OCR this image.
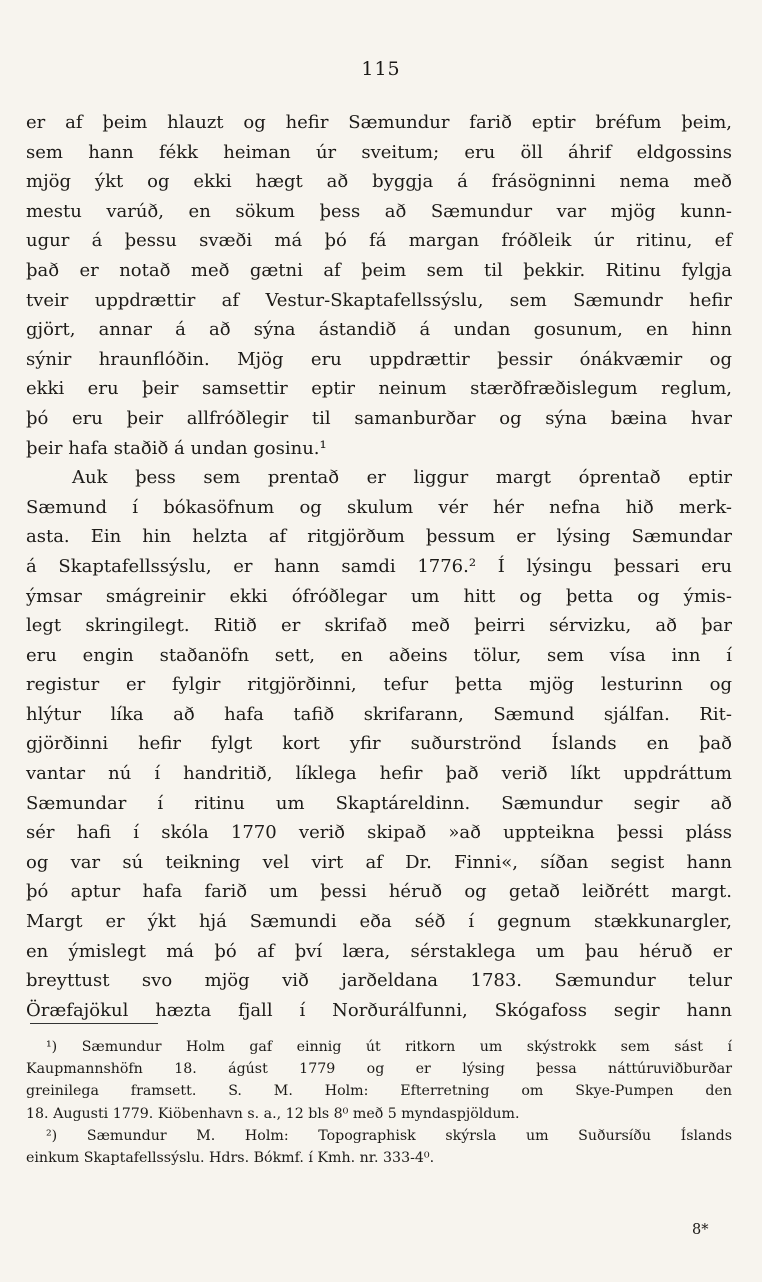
115
er af þeim hlauzt og hefir Sæmundur farið eptir bréfum þeim,
sem hann fékk heiman úr sveitum; eru öll áhrif eldgossins
mjög ýkt og ekki hægt að byggja á frásögninni nema með
mestu varúð, en sökum þess að Sæmundur var mjög kunn-
ugur á þessu svæði má þó fá margan fróðleik úr ritinu, ef
það er notað með gætni af þeim sem til þekkir. Ritinu fylgja
tveir uppdrættir af Vestur-Skaptafellssýslu, sem Sæmundr hefir
gjört, annar á að sýna ástandið á undan gosunum, en hinn
sýnir hraunflóðin. Mjög eru uppdrættir þessir ónákvæmir og
ekki eru þeir samsettir eptir neinum stærðfræðislegum reglum,
þó eru þeir allfróðlegir til samanburðar og sýna bæina hvar
þeir hafa staðið á undan gosinu.¹
Auk þess sem prentað er liggur margt óprentað eptir
Sæmund í bókasöfnum og skulum vér hér nefna hið merk-
asta. Ein hin helzta af ritgjörðum þessum er lýsing Sæmundar
á Skaptafellssýslu, er hann samdi 1776.² Í lýsingu þessari eru
ýmsar smágreinir ekki ófróðlegar um hitt og þetta og ýmis-
legt skringilegt. Ritið er skrifað með þeirri sérvizku, að þar
eru engin staðanöfn sett, en aðeins tölur, sem vísa inn í
registur er fylgir ritgjörðinni, tefur þetta mjög lesturinn og
hlýtur líka að hafa tafið skrifarann, Sæmund sjálfan. Rit-
gjörðinni hefir fylgt kort yfir suðurströnd Íslands en það
vantar nú í handritið, líklega hefir það verið líkt uppdráttum
Sæmundar í ritinu um Skaptáreldinn. Sæmundur segir að
sér hafi í skóla 1770 verið skipað »að uppteikna þessi pláss
og var sú teikning vel virt af Dr. Finni«, síðan segist hann
þó aptur hafa farið um þessi héruð og getað leiðrétt margt.
Margt er ýkt hjá Sæmundi eða séð í gegnum stækkunargler,
en ýmislegt má þó af því læra, sérstaklega um þau héruð er
breyttust svo mjög við jarðeldana 1783. Sæmundur telur
Öræfajökul hæzta fjall í Norðurálfunni, Skógafoss segir hann
¹) Sæmundur Holm gaf einnig út ritkorn um skýstrokk sem sást í
Kaupmannshöfn 18. ágúst 1779 og er lýsing þessa náttúruviðburðar
greinilega framsett. S. M. Holm: Efterretning om Skye-Pumpen den
18. Augusti 1779. Kiöbenhavn s. a., 12 bls 8⁰ með 5 myndaspjöldum.
²) Sæmundur M. Holm: Topographisk skýrsla um Suðursíðu Íslands
einkum Skaptafellssýslu. Hdrs. Bókmf. í Kmh. nr. 333-4⁰.
8*
